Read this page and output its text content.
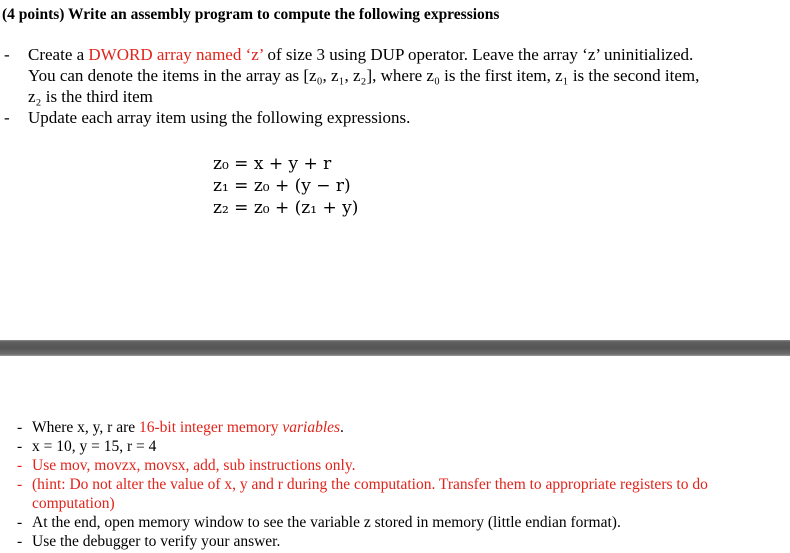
(4 points) Write an assembly program to compute the following expressions
- Create a DWORD array named ‘z’ of size 3 using DUP operator. Leave the array ‘z’ uninitialized.
You can denote the items in the array as [z₀, z₁, z₂], where z₀ is the first item, z₁ is the second item,
z₂ is the third item
- Update each array item using the following expressions.
z₀ = x + y + r
z₁ = z₀ + (y − r)
z₂ = z₀ + (z₁ + y)
- Where x, y, r are 16-bit integer memory variables.
- x = 10, y = 15, r = 4
- Use mov, movzx, movsx, add, sub instructions only.
- (hint: Do not alter the value of x, y and r during the computation. Transfer them to appropriate registers to do
computation)
- At the end, open memory window to see the variable z stored in memory (little endian format).
- Use the debugger to verify your answer.
